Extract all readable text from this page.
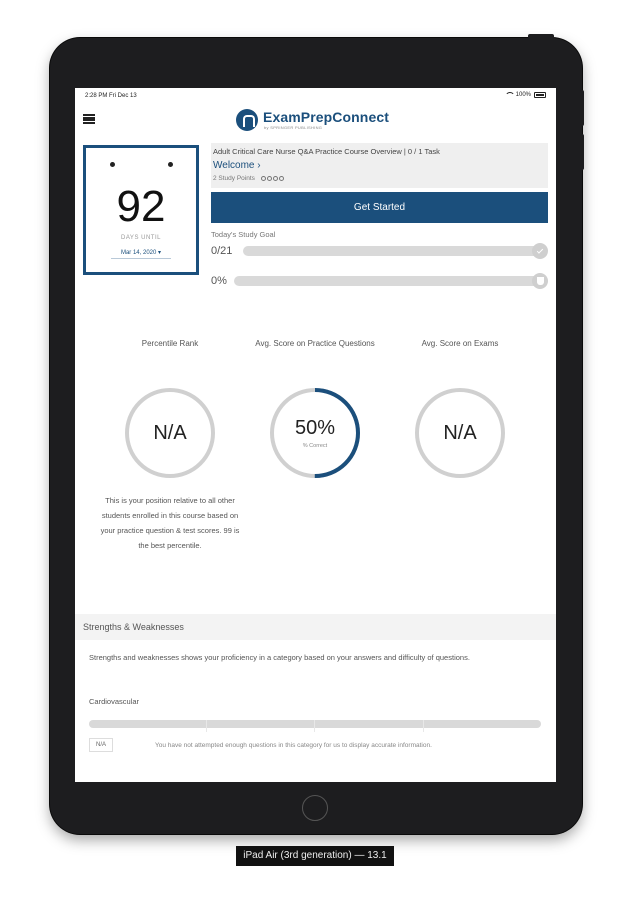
iPad Air (3rd generation) — 13.1
2:28 PM Fri Dec 13	100%
ExamPrepConnect
by SPRINGER PUBLISHING
92
DAYS UNTIL
Mar 14, 2020 ▾
Adult Critical Care Nurse Q&A Practice Course Overview | 0 / 1 Task
Welcome ›
2 Study Points
Get Started
Today's Study Goal
0/21
0%
Percentile Rank
N/A
This is your position relative to all other students enrolled in this course based on your practice question & test scores. 99 is the best percentile.
Avg. Score on Practice Questions
50%
% Correct
Avg. Score on Exams
N/A
Strengths & Weaknesses
Strengths and weaknesses shows your proficiency in a category based on your answers and difficulty of questions.
Cardiovascular
N/A	You have not attempted enough questions in this category for us to display accurate information.
